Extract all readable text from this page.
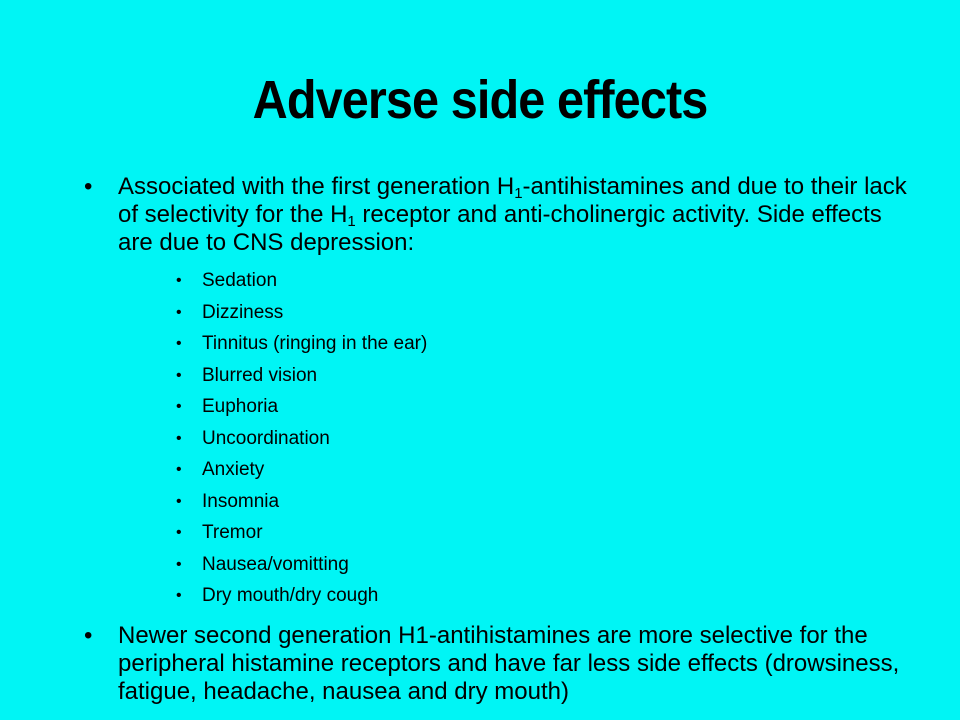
Adverse side effects
• Associated with the first generation $H_1$-antihistamines and due to their lack of selectivity for the $H_1$ receptor and anti-cholinergic activity. Side effects are due to CNS depression:
• Sedation
• Dizziness
• Tinnitus (ringing in the ear)
• Blurred vision
• Euphoria
• Uncoordination
• Anxiety
• Insomnia
• Tremor
• Nausea/vomitting
• Dry mouth/dry cough
• Newer second generation H1-antihistamines are more selective for the peripheral histamine receptors and have far less side effects (drowsiness, fatigue, headache, nausea and dry mouth)
